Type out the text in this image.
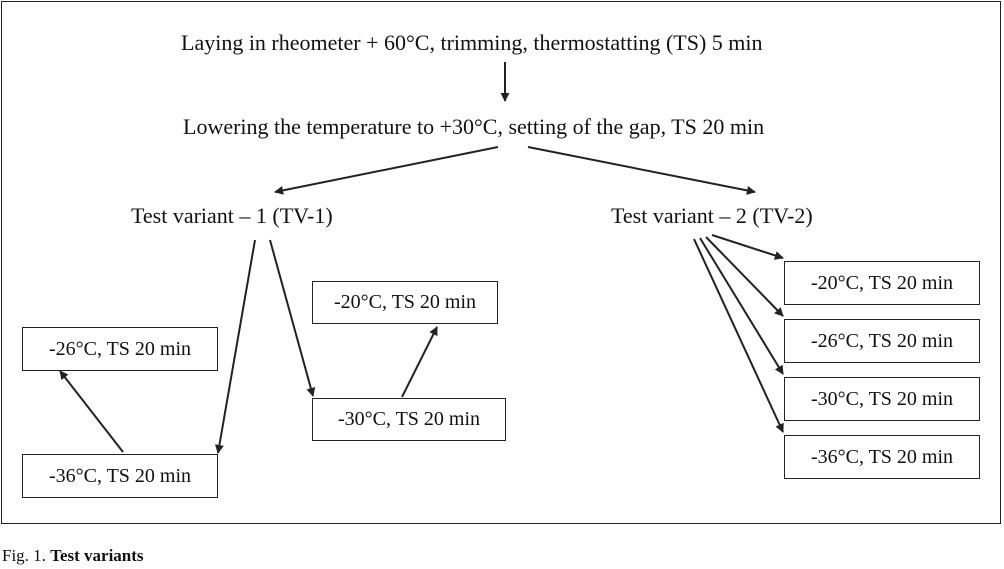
Laying in rheometer + 60°C, trimming, thermostatting (TS) 5 min
Lowering the temperature to +30°C, setting of the gap, TS 20 min
Test variant – 1 (TV-1)	Test variant – 2 (TV-2)
-26°C, TS 20 min
-36°C, TS 20 min
-20°C, TS 20 min
-30°C, TS 20 min
-20°C, TS 20 min
-26°C, TS 20 min
-30°C, TS 20 min
-36°C, TS 20 min
Fig. 1. Test variants
